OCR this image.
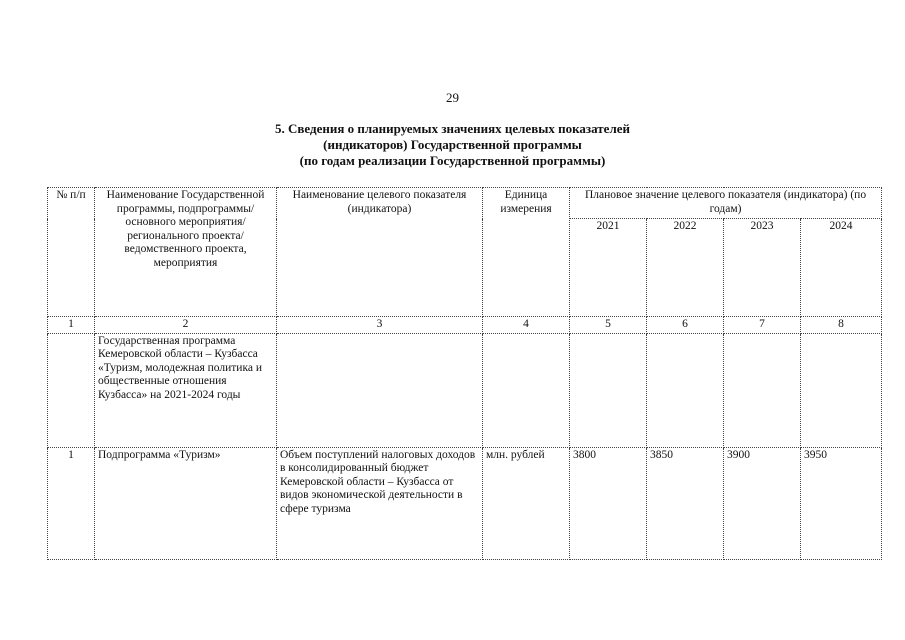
29
5. Сведения о планируемых значениях целевых показателей
(индикаторов) Государственной программы
(по годам реализации Государственной программы)
№ п/п	Наименование Государственной программы, подпрограммы/основного мероприятия/ регионального проекта/ведомственного проекта, мероприятия	Наименование целевого показателя (индикатора)	Единица измерения	Плановое значение целевого показателя (индикатора) (по годам)			
				2021	2022	2023	2024
1	2	3	4	5	6	7	8
	Государственная программа Кемеровской области – Кузбасса «Туризм, молодежная политика и общественные отношения Кузбасса» на 2021-2024 годы						
1	Подпрограмма «Туризм»	Объем поступлений налоговых доходов в консолидированный бюджет Кемеровской области – Кузбасса от видов экономической деятельности в сфере туризма	млн. рублей	3800	3850	3900	3950
